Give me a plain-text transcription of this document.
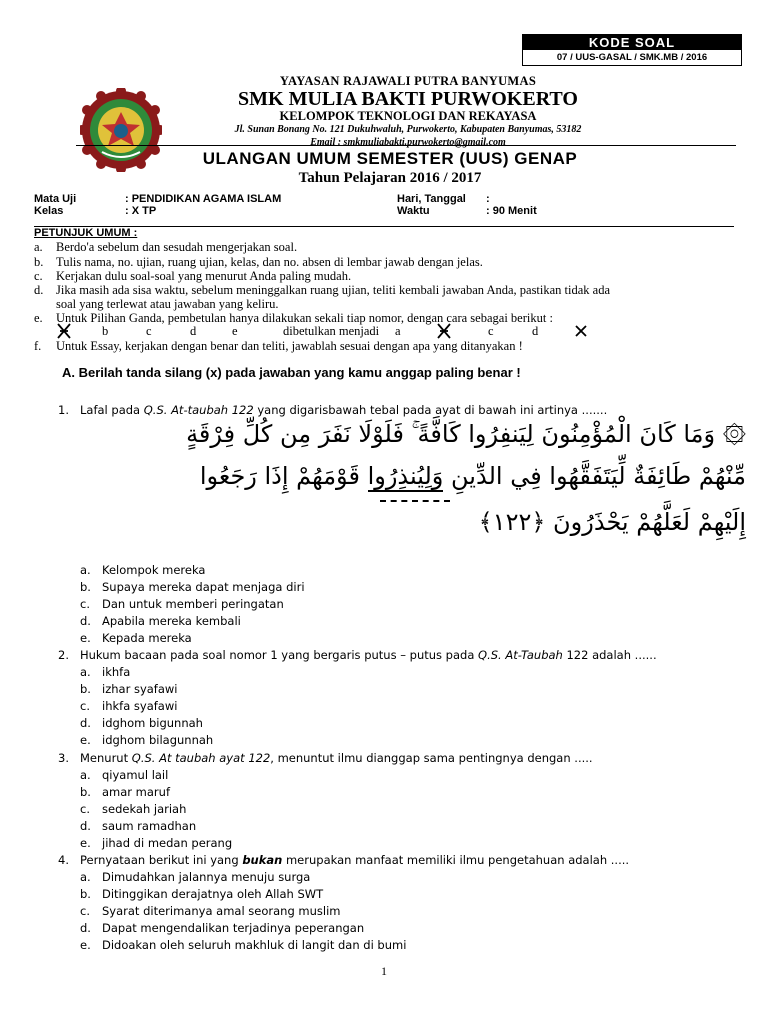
KODE SOAL
07 / UUS-GASAL / SMK.MB / 2016
YAYASAN RAJAWALI PUTRA BANYUMAS
SMK MULIA BAKTI PURWOKERTO
KELOMPOK TEKNOLOGI DAN REKAYASA
Jl. Sunan Bonang No. 121 Dukuhwaluh, Purwokerto, Kabupaten Banyumas, 53182
Email : smkmuliabakti.purwokerto@gmail.com
ULANGAN UMUM SEMESTER (UUS) GENAP
Tahun Pelajaran 2016 / 2017
Mata Uji	: PENDIDIKAN AGAMA ISLAM
Kelas	: X TP
Hari, Tanggal :
Waktu	: 90 Menit
PETUNJUK UMUM :
a. Berdo'a sebelum dan sesudah mengerjakan soal.
b. Tulis nama, no. ujian, ruang ujian, kelas, dan no. absen di lembar jawab dengan jelas.
c. Kerjakan dulu soal-soal yang menurut Anda paling mudah.
d. Jika masih ada sisa waktu, sebelum meninggalkan ruang ujian, teliti kembali jawaban Anda, pastikan tidak ada
soal yang terlewat atau jawaban yang keliru.
e. Untuk Pilihan Ganda, pembetulan hanya dilakukan sekali tiap nomor, dengan cara sebagai berikut :
b	c	d	e	dibetulkan menjadi a	c	d
f. Untuk Essay, kerjakan dengan benar dan teliti, jawablah sesuai dengan apa yang ditanyakan !
A. Berilah tanda silang (x) pada jawaban yang kamu anggap paling benar !
1. Lafal pada Q.S. At-taubah 122 yang digarisbawah tebal pada ayat di bawah ini artinya .......
۞ وَمَا كَانَ الْمُؤْمِنُونَ لِيَنفِرُوا كَافَّةً ۚ فَلَوْلَا نَفَرَ مِن كُلِّ فِرْقَةٍ
مِّنْهُمْ طَائِفَةٌ لِّيَتَفَقَّهُوا فِي الدِّينِ وَلِيُنذِرُوا قَوْمَهُمْ إِذَا رَجَعُوا
إِلَيْهِمْ لَعَلَّهُمْ يَحْذَرُونَ ﴿١٢٢﴾
a. Kelompok mereka
b. Supaya mereka dapat menjaga diri
c. Dan untuk memberi peringatan
d. Apabila mereka kembali
e. Kepada mereka
2. Hukum bacaan pada soal nomor 1 yang bergaris putus – putus pada Q.S. At-Taubah 122 adalah ......
a. ikhfa
b. izhar syafawi
c. ihkfa syafawi
d. idghom bigunnah
e. idghom bilagunnah
3. Menurut Q.S. At taubah ayat 122, menuntut ilmu dianggap sama pentingnya dengan .....
a. qiyamul lail
b. amar maruf
c. sedekah jariah
d. saum ramadhan
e. jihad di medan perang
4. Pernyataan berikut ini yang bukan merupakan manfaat memiliki ilmu pengetahuan adalah .....
a. Dimudahkan jalannya menuju surga
b. Ditinggikan derajatnya oleh Allah SWT
c. Syarat diterimanya amal seorang muslim
d. Dapat mengendalikan terjadinya peperangan
e. Didoakan oleh seluruh makhluk di langit dan di bumi
1
